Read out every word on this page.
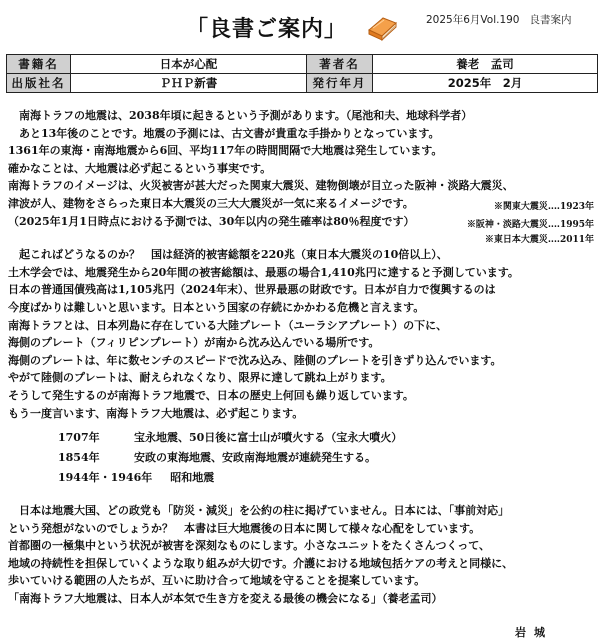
「良書ご案内」	2025年6月Vol.190 良書案内
書籍名	日本が心配	著者名	養老　孟司
出版社名	ＰＨＰ新書	発行年月	2025年　2月
南海トラフの地震は、2038年頃に起きるという予測があります。（尾池和夫、地球科学者）
あと13年後のことです。地震の予測には、古文書が貴重な手掛かりとなっています。
1361年の東海・南海地震から6回、平均117年の時間間隔で大地震は発生しています。
確かなことは、大地震は必ず起こるという事実です。
南海トラフのイメージは、火災被害が甚大だった関東大震災、建物倒壊が目立った阪神・淡路大震災、
津波が人、建物をさらった東日本大震災の三大大震災が一気に来るイメージです。	※関東大震災‥‥1923年
（2025年1月1日時点における予測では、30年以内の発生確率は80％程度です）	※阪神・淡路大震災‥‥1995年
※東日本大震災‥‥2011年
起こればどうなるのか？　国は経済的被害総額を220兆（東日本大震災の10倍以上）、
土木学会では、地震発生から20年間の被害総額は、最悪の場合1,410兆円に達すると予測しています。
日本の普通国債残高は1,105兆円（2024年末）、世界最悪の財政です。日本が自力で復興するのは
今度ばかりは難しいと思います。日本という国家の存続にかかわる危機と言えます。
南海トラフとは、日本列島に存在している大陸プレート（ユーラシアプレート）の下に、
海側のプレート（フィリピンプレート）が南から沈み込んでいる場所です。
海側のプレートは、年に数センチのスピードで沈み込み、陸側のプレートを引きずり込んでいます。
やがて陸側のプレートは、耐えられなくなり、限界に達して跳ね上がります。
そうして発生するのが南海トラフ地震で、日本の歴史上何回も繰り返しています。
もう一度言います、南海トラフ大地震は、必ず起こります。
1707年	宝永地震、50日後に富士山が噴火する（宝永大噴火）
1854年	安政の東海地震、安政南海地震が連続発生する。
1944年・1946年 昭和地震
日本は地震大国、どの政党も「防災・減災」を公約の柱に掲げていません。日本には、「事前対応」
という発想がないのでしょうか？　本書は巨大地震後の日本に関して様々な心配をしています。
首都圏の一極集中という状況が被害を深刻なものにします。小さなユニットをたくさんつくって、
地域の持続性を担保していくような取り組みが大切です。介護における地域包括ケアの考えと同様に、
歩いていける範囲の人たちが、互いに助け合って地域を守ることを提案しています。
「南海トラフ大地震は、日本人が本気で生き方を変える最後の機会になる」（養老孟司）
岩城
